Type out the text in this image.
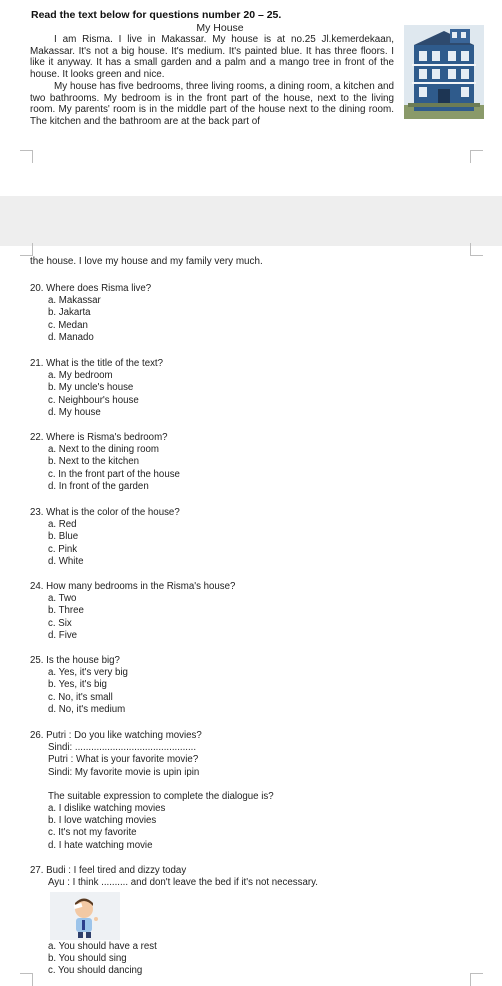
Read the text below for questions number 20 – 25.
My House

I am Risma. I live in Makassar. My house is at no.25 Jl.kemerdekaan, Makassar. It's not a big house. It's medium. It's painted blue. It has three floors. I like it anyway. It has a small garden and a palm and a mango tree in front of the house. It looks green and nice.

My house has five bedrooms, three living rooms, a dining room, a kitchen and two bathrooms. My bedroom is in the front part of the house, next to the living room. My parents' room is in the middle part of the house next to the dining room. The kitchen and the bathroom are at the back part of

the house. I love my house and my family very much.
20. Where does Risma live?
a. Makassar
b. Jakarta
c. Medan
d. Manado
21. What is the title of the text?
a. My bedroom
b. My uncle's house
c. Neighbour's house
d. My house
22. Where is Risma's bedroom?
a. Next to the dining room
b. Next to the kitchen
c. In the front part of the house
d. In front of the garden
23. What is the color of the house?
a. Red
b. Blue
c. Pink
d. White
24. How many bedrooms in the Risma's house?
a. Two
b. Three
c. Six
d. Five
25. Is the house big?
a. Yes, it's very big
b. Yes, it's big
c. No, it's small
d. No, it's medium
26. Putri : Do you like watching movies?
Sindi: .............................................
Putri : What is your favorite movie?
Sindi: My favorite movie is upin ipin
The suitable expression to complete the dialogue is?
a. I dislike watching movies
b. I love watching movies
c. It's not my favorite
d. I hate watching movie
27. Budi : I feel tired and dizzy today
Ayu : I think .......... and don't leave the bed if it's not necessary.
a. You should have a rest
b. You should sing
c. You should dancing
